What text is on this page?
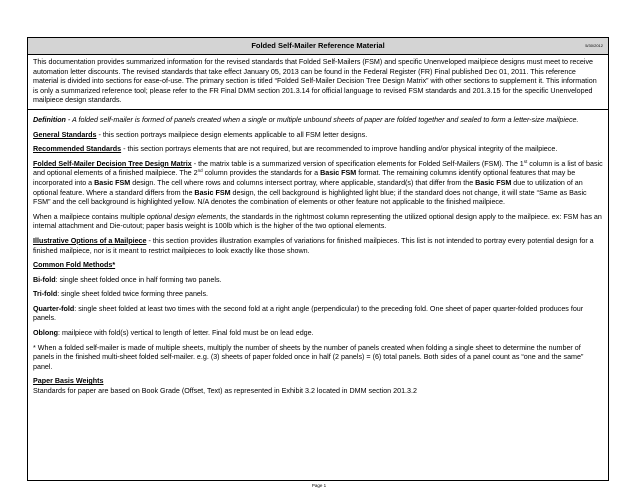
Folded Self-Mailer Reference Material	5/30/2012

This documentation provides summarized information for the revised standards that Folded Self-Mailers (FSM) and specific Unenveloped mailpiece designs must meet to receive automation letter discounts. The revised standards that take effect January 05, 2013 can be found in the Federal Register (FR) Final published Dec 01, 2011. This reference material is divided into sections for ease-of-use. The primary section is titled “Folded Self-Mailer Decision Tree Design Matrix” with other sections to supplement it. This information is only a summarized reference tool; please refer to the FR Final DMM section 201.3.14 for official language to revised FSM standards and 201.3.15 for the specific Unenveloped mailpiece design standards.

Definition - A folded self-mailer is formed of panels created when a single or multiple unbound sheets of paper are folded together and sealed to form a letter-size mailpiece.

General Standards - this section portrays mailpiece design elements applicable to all FSM letter designs.

Recommended Standards - this section portrays elements that are not required, but are recommended to improve handling and/or physical integrity of the mailpiece.

Folded Self-Mailer Decision Tree Design Matrix - the matrix table is a summarized version of specification elements for Folded Self-Mailers (FSM). The 1st column is a list of basic and optional elements of a finished mailpiece. The 2nd column provides the standards for a Basic FSM format. The remaining columns identify optional features that may be incorporated into a Basic FSM design. The cell where rows and columns intersect portray, where applicable, standard(s) that differ from the Basic FSM due to utilization of an optional feature. Where a standard differs from the Basic FSM design, the cell background is highlighted light blue; if the standard does not change, it will state “Same as Basic FSM” and the cell background is highlighted yellow. N/A denotes the combination of elements or other feature not applicable to the finished mailpiece.

When a mailpiece contains multiple optional design elements, the standards in the rightmost column representing the utilized optional design apply to the mailpiece. ex: FSM has an internal attachment and Die-cutout; paper basis weight is 100lb which is the higher of the two optional elements.

Illustrative Options of a Mailpiece - this section provides illustration examples of variations for finished mailpieces. This list is not intended to portray every potential design for a finished mailpiece, nor is it meant to restrict mailpieces to look exactly like those shown.

Common Fold Methods*

Bi-fold: single sheet folded once in half forming two panels.

Tri-fold: single sheet folded twice forming three panels.

Quarter-fold: single sheet folded at least two times with the second fold at a right angle (perpendicular) to the preceding fold. One sheet of paper quarter-folded produces four panels.

Oblong: mailpiece with fold(s) vertical to length of letter. Final fold must be on lead edge.

* When a folded self-mailer is made of multiple sheets, multiply the number of sheets by the number of panels created when folding a single sheet to determine the number of panels in the finished multi-sheet folded self-mailer. e.g. (3) sheets of paper folded once in half (2 panels) = (6) total panels. Both sides of a panel count as “one and the same” panel.

Paper Basis Weights
Standards for paper are based on Book Grade (Offset, Text) as represented in Exhibit 3.2 located in DMM section 201.3.2

Page 1
